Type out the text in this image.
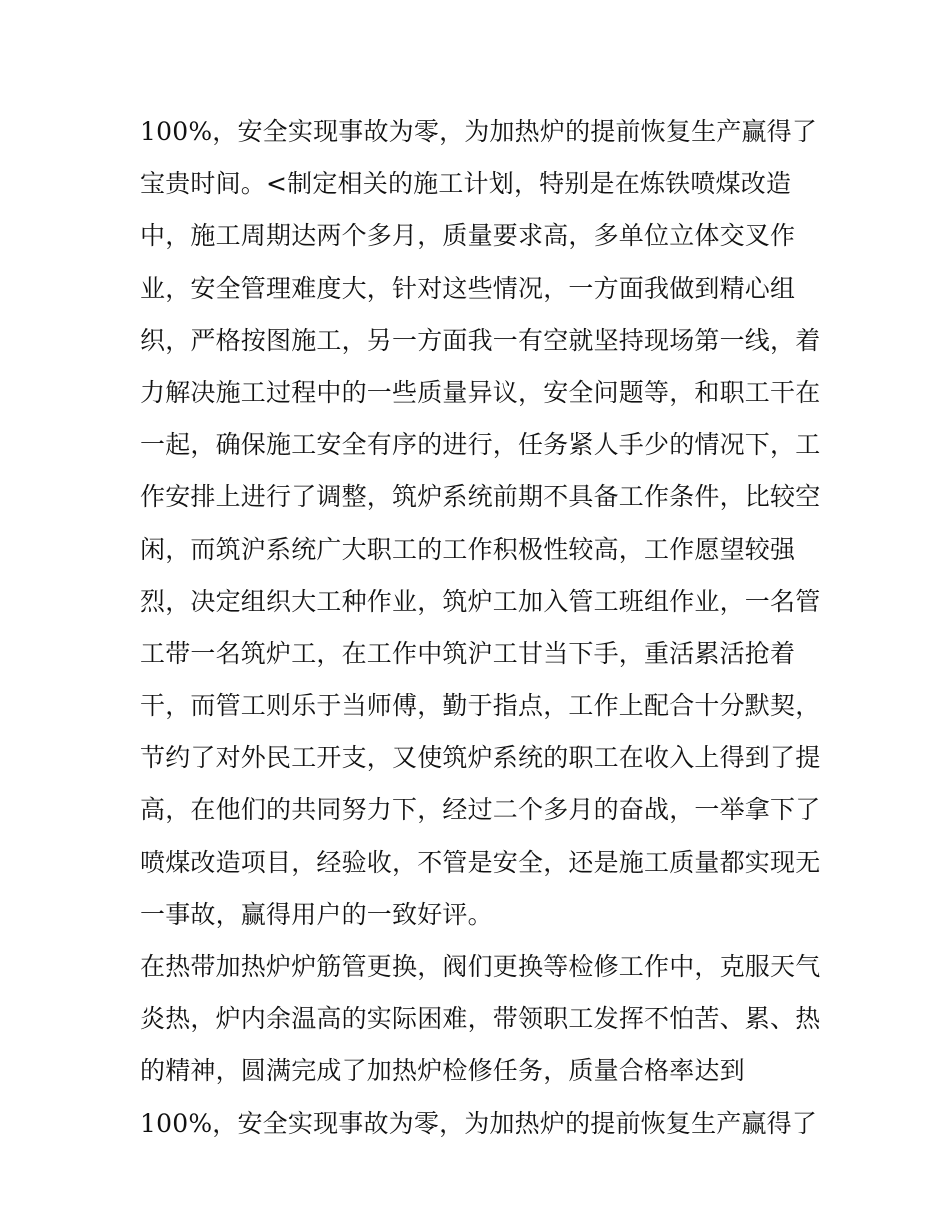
100%，安全实现事故为零，为加热炉的提前恢复生产赢得了

宝贵时间。<制定相关的施工计划，特别是在炼铁喷煤改造

中，施工周期达两个多月，质量要求高，多单位立体交叉作

业，安全管理难度大，针对这些情况，一方面我做到精心组

织，严格按图施工，另一方面我一有空就坚持现场第一线，着

力解决施工过程中的一些质量异议，安全问题等，和职工干在

一起，确保施工安全有序的进行，任务紧人手少的情况下，工

作安排上进行了调整，筑炉系统前期不具备工作条件，比较空

闲，而筑沪系统广大职工的工作积极性较高，工作愿望较强

烈，决定组织大工种作业，筑炉工加入管工班组作业，一名管

工带一名筑炉工，在工作中筑沪工甘当下手，重活累活抢着

干，而管工则乐于当师傅，勤于指点，工作上配合十分默契，

节约了对外民工开支，又使筑炉系统的职工在收入上得到了提

高，在他们的共同努力下，经过二个多月的奋战，一举拿下了

喷煤改造项目，经验收，不管是安全，还是施工质量都实现无

一事故，赢得用户的一致好评。

在热带加热炉炉筋管更换，阀们更换等检修工作中，克服天气

炎热，炉内余温高的实际困难，带领职工发挥不怕苦、累、热

的精神，圆满完成了加热炉检修任务，质量合格率达到

100%，安全实现事故为零，为加热炉的提前恢复生产赢得了
